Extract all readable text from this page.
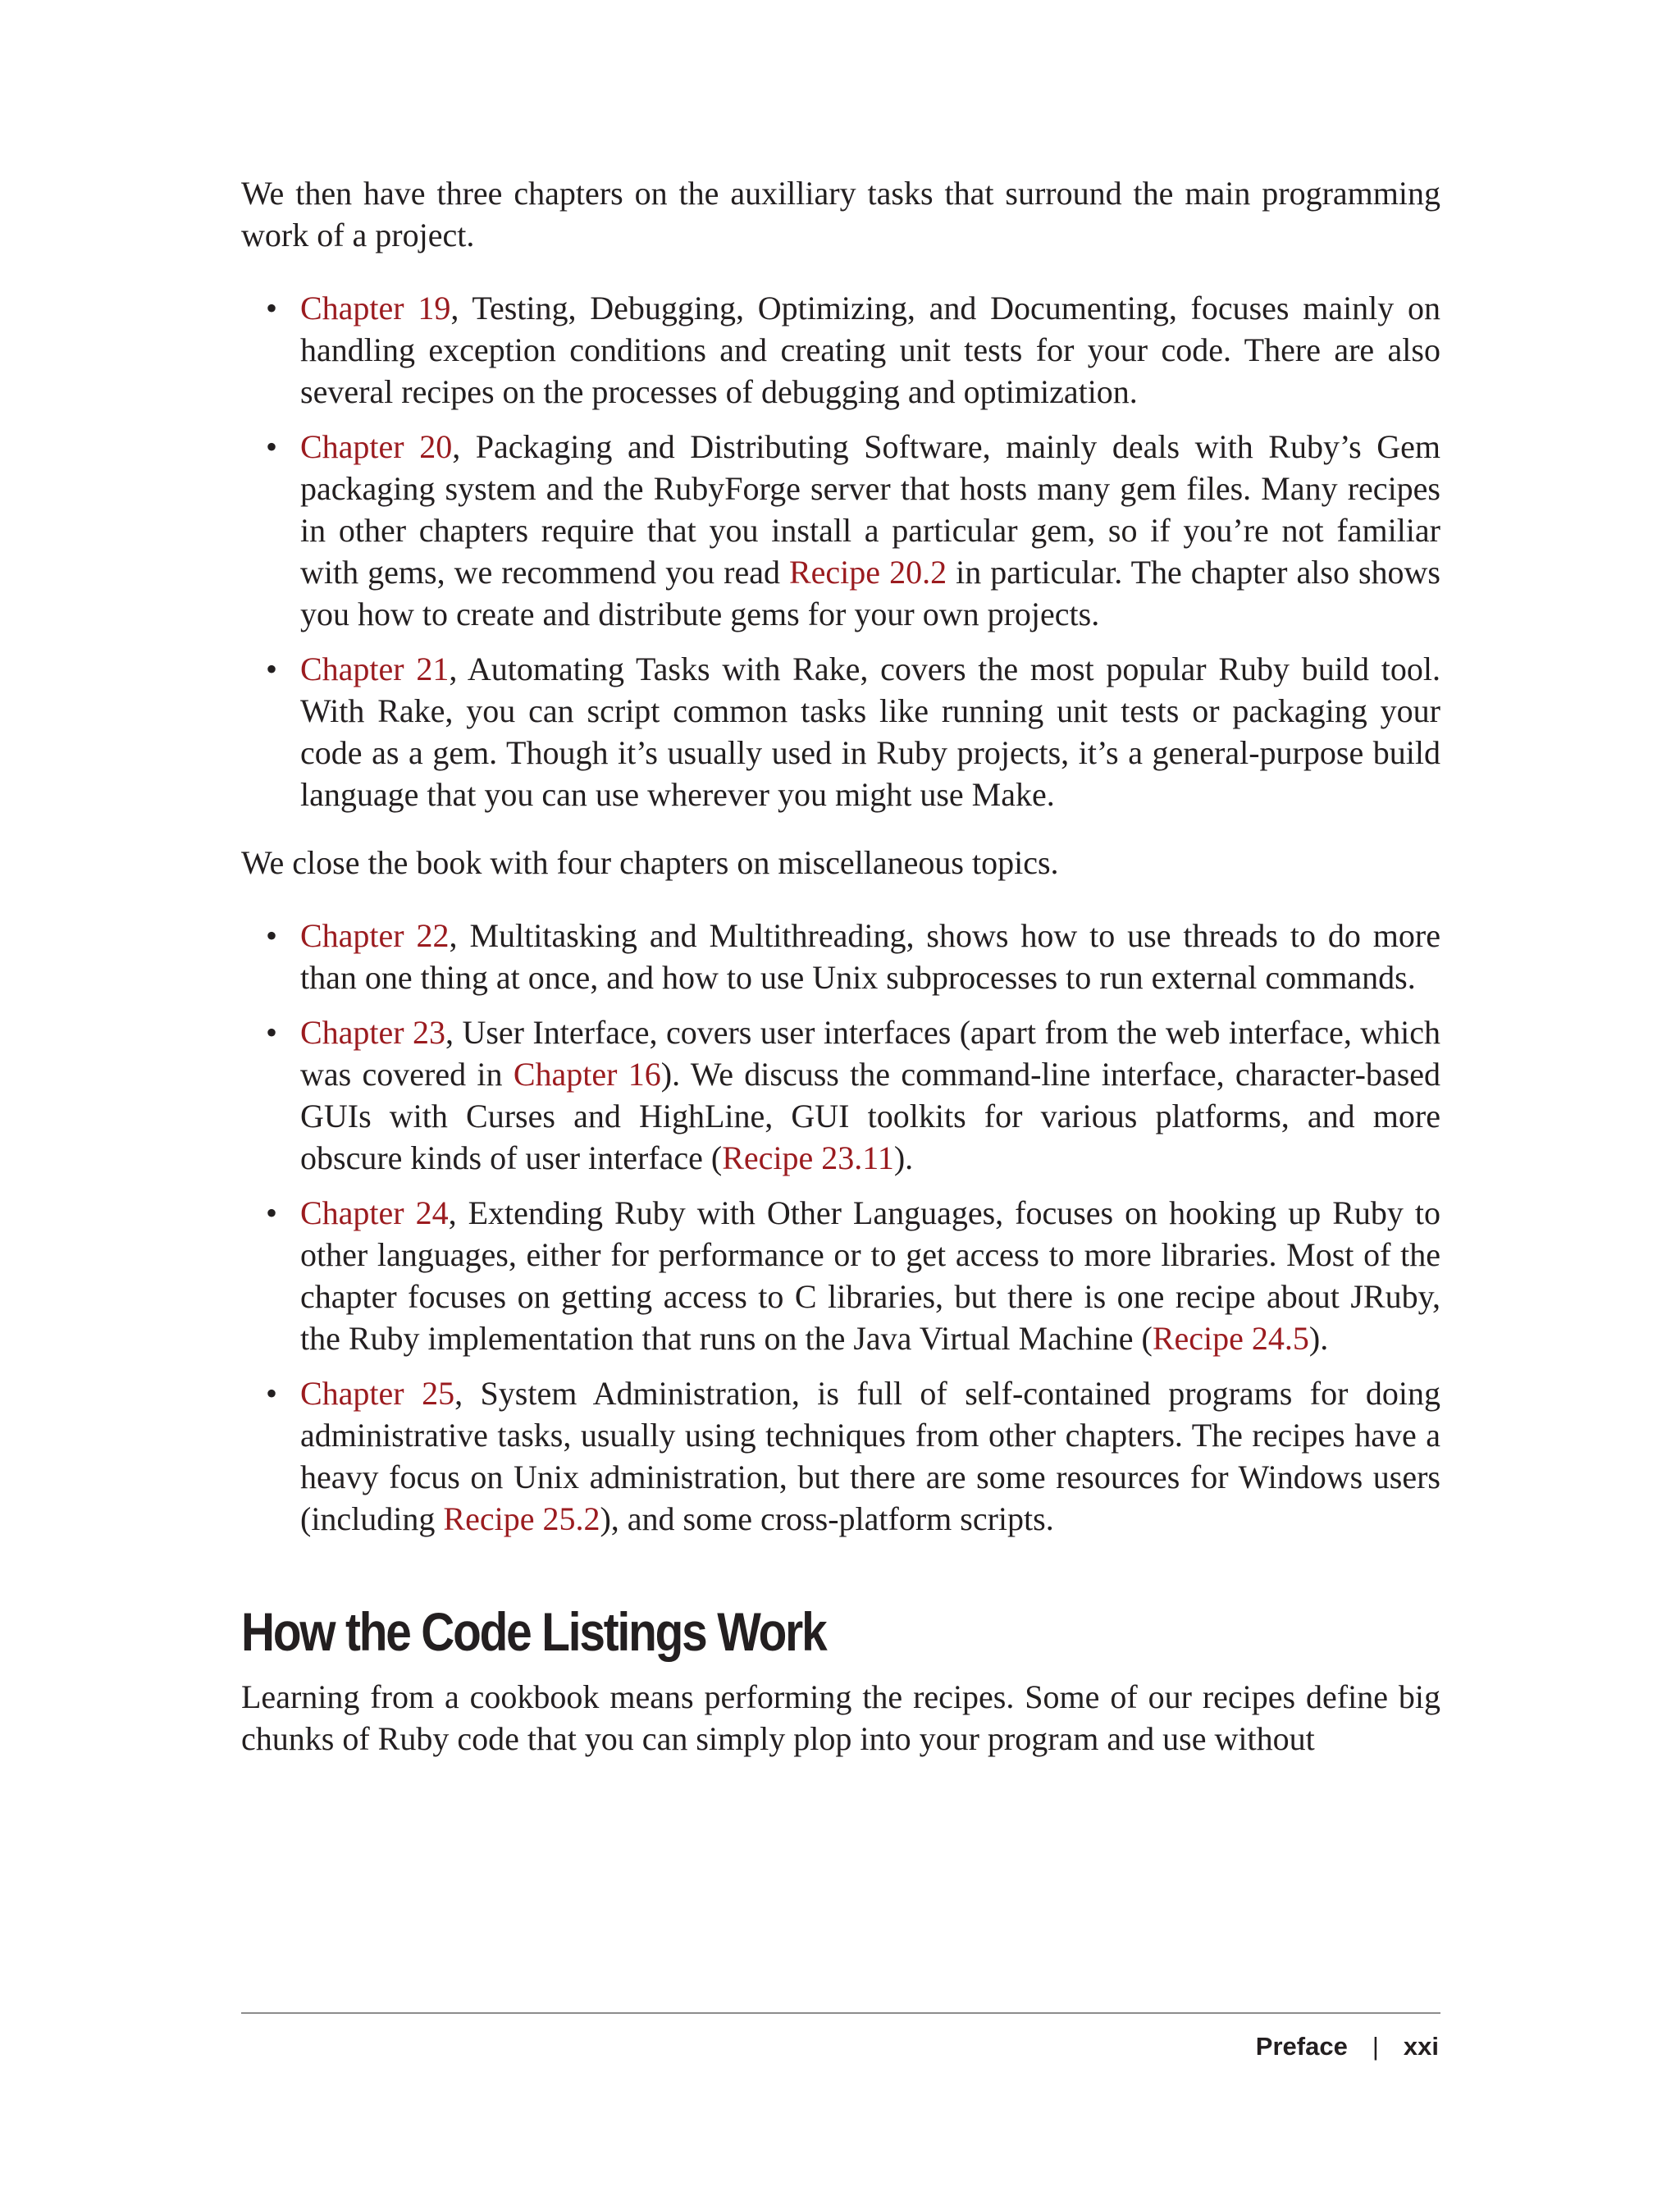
We then have three chapters on the auxilliary tasks that surround the main programming work of a project.

• Chapter 19, Testing, Debugging, Optimizing, and Documenting, focuses mainly on handling exception conditions and creating unit tests for your code. There are also several recipes on the processes of debugging and optimization.
• Chapter 20, Packaging and Distributing Software, mainly deals with Ruby’s Gem packaging system and the RubyForge server that hosts many gem files. Many recipes in other chapters require that you install a particular gem, so if you’re not familiar with gems, we recommend you read Recipe 20.2 in particular. The chapter also shows you how to create and distribute gems for your own projects.
• Chapter 21, Automating Tasks with Rake, covers the most popular Ruby build tool. With Rake, you can script common tasks like running unit tests or packaging your code as a gem. Though it’s usually used in Ruby projects, it’s a general-purpose build language that you can use wherever you might use Make.

We close the book with four chapters on miscellaneous topics.

• Chapter 22, Multitasking and Multithreading, shows how to use threads to do more than one thing at once, and how to use Unix subprocesses to run external commands.
• Chapter 23, User Interface, covers user interfaces (apart from the web interface, which was covered in Chapter 16). We discuss the command-line interface, character-based GUIs with Curses and HighLine, GUI toolkits for various platforms, and more obscure kinds of user interface (Recipe 23.11).
• Chapter 24, Extending Ruby with Other Languages, focuses on hooking up Ruby to other languages, either for performance or to get access to more libraries. Most of the chapter focuses on getting access to C libraries, but there is one recipe about JRuby, the Ruby implementation that runs on the Java Virtual Machine (Recipe 24.5).
• Chapter 25, System Administration, is full of self-contained programs for doing administrative tasks, usually using techniques from other chapters. The recipes have a heavy focus on Unix administration, but there are some resources for Windows users (including Recipe 25.2), and some cross-platform scripts.
How the Code Listings Work

Learning from a cookbook means performing the recipes. Some of our recipes define big chunks of Ruby code that you can simply plop into your program and use without

Preface | xxi
